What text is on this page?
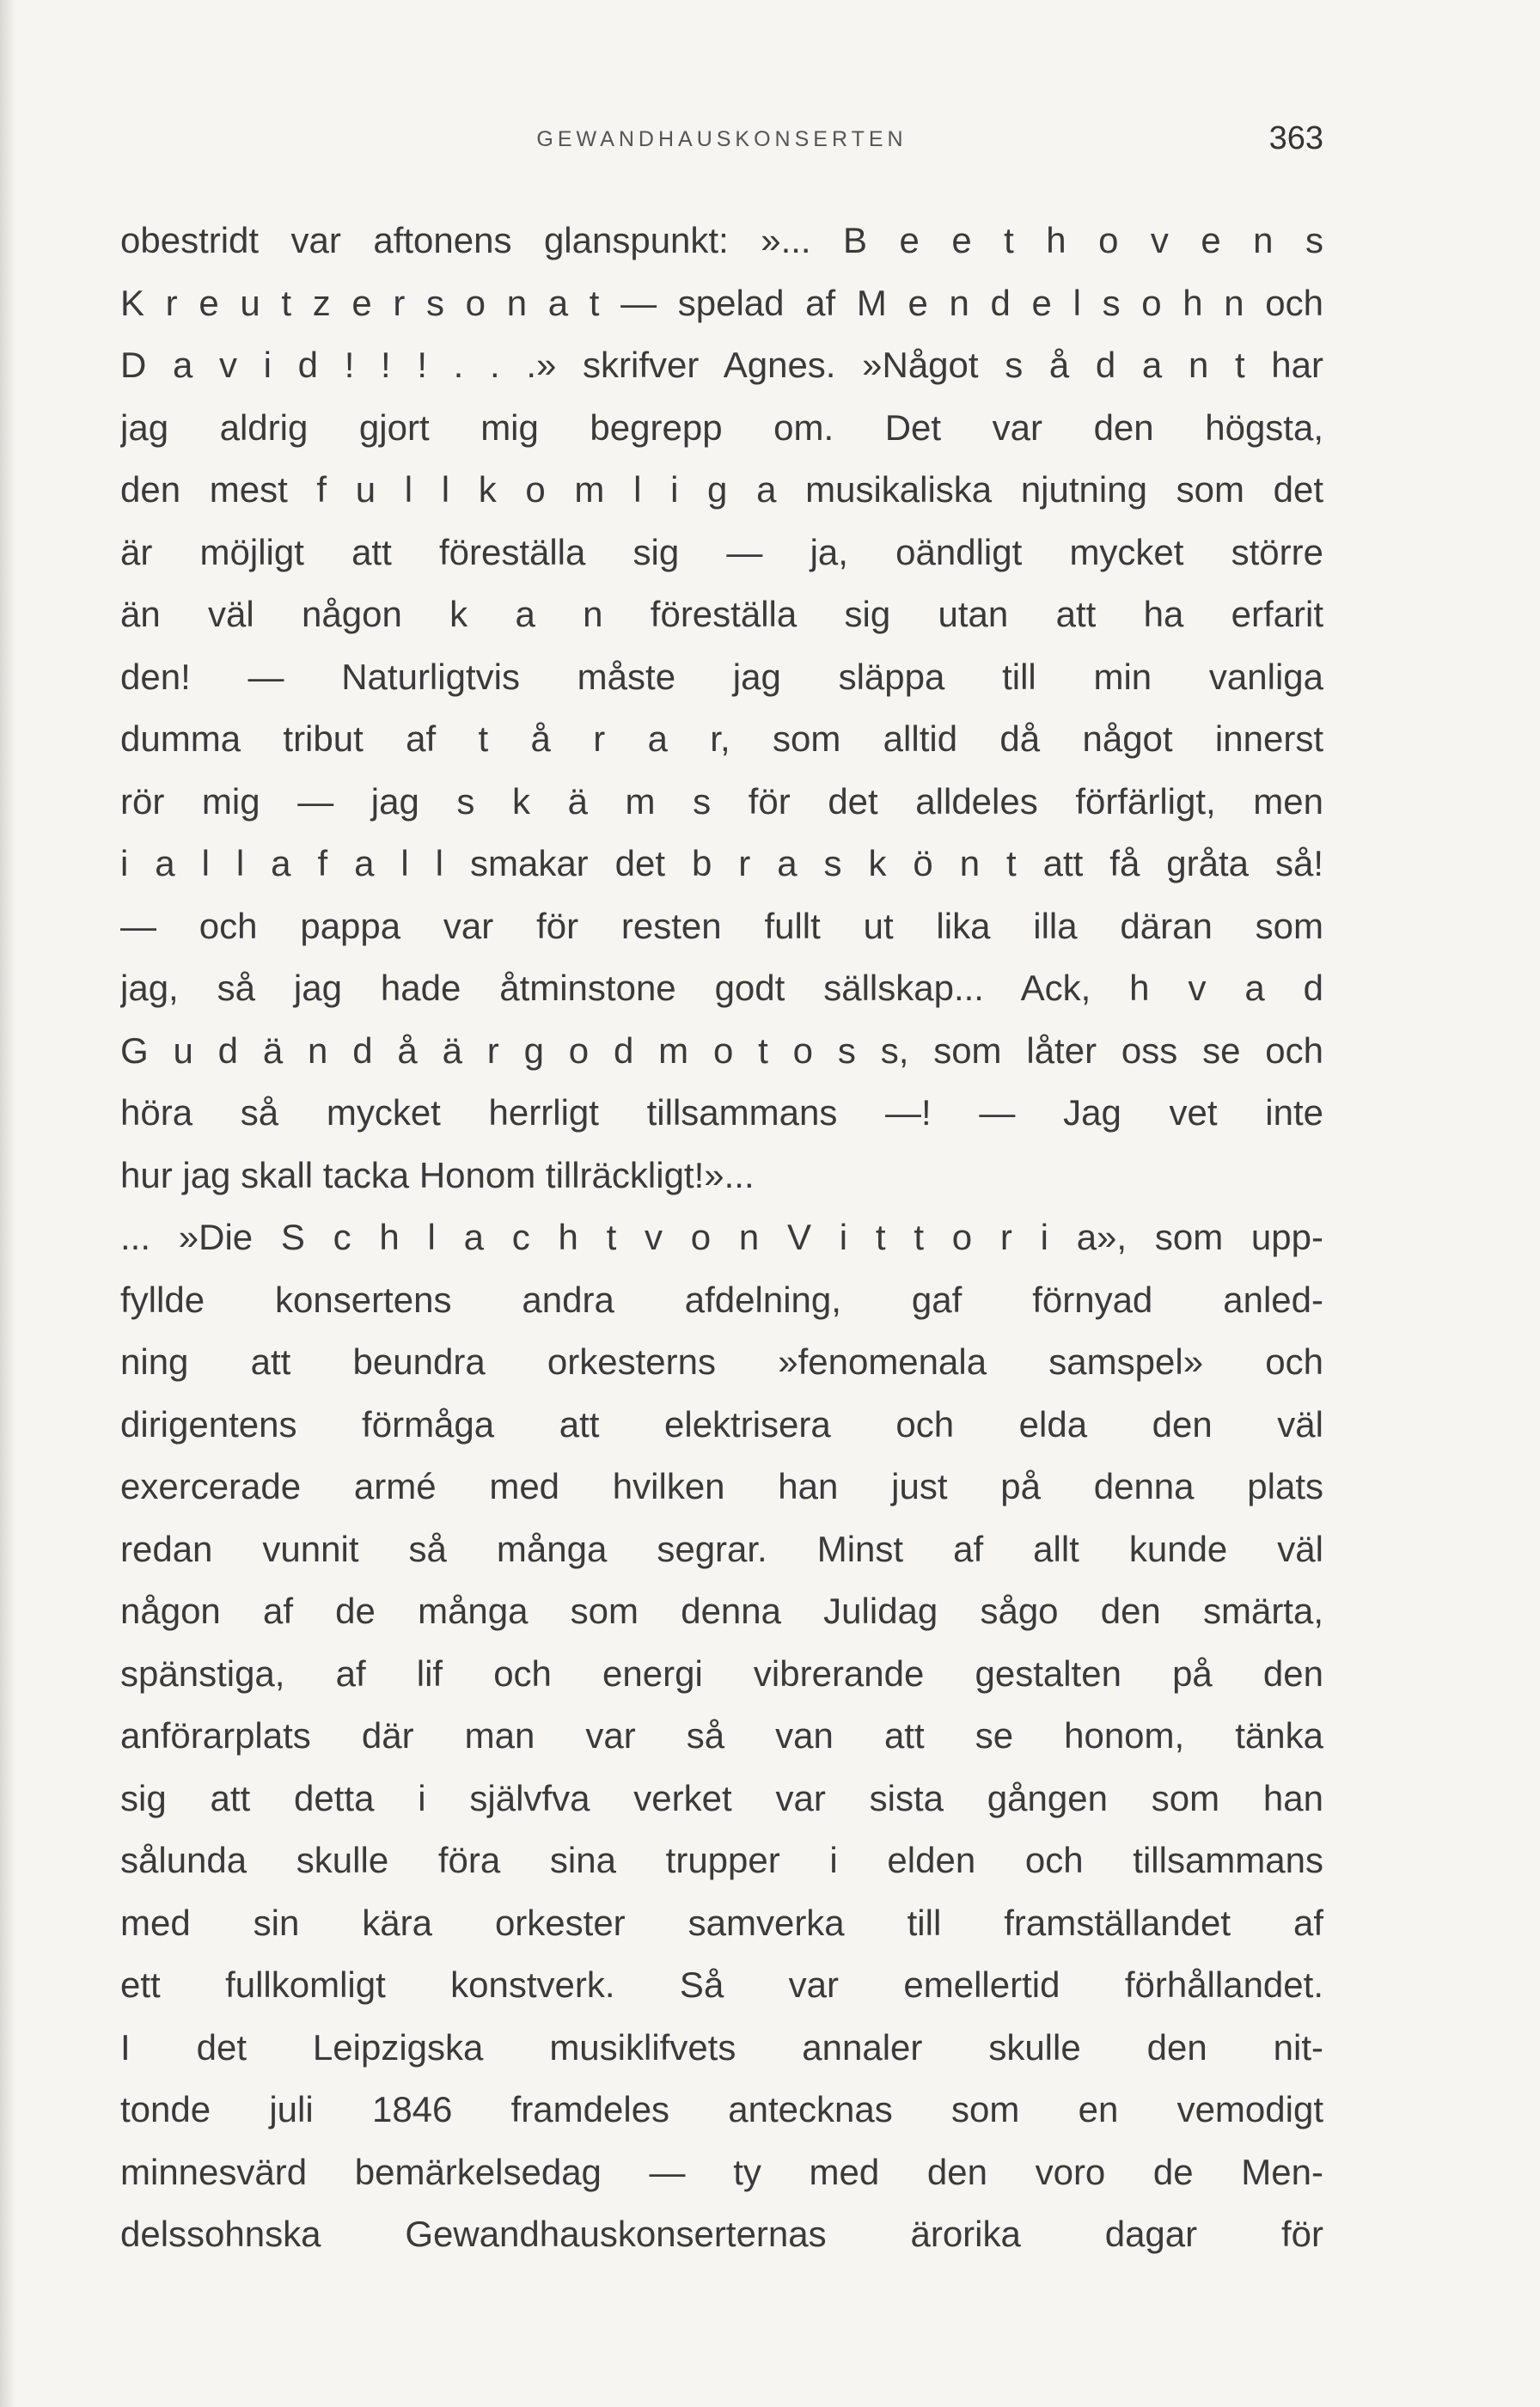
GEWANDHAUSKONSERTEN	363
obestridt var aftonens glanspunkt: »... B e e t h o v e n s
K r e u t z e r s o n a t — spelad af M e n d e l s o h n och
D a v i d ! ! ! . . .» skrifver Agnes. »Något s å d a n t har
jag aldrig gjort mig begrepp om. Det var den högsta,
den mest f u l l k o m l i g a musikaliska njutning som det
är möjligt att föreställa sig — ja, oändligt mycket större
än väl någon k a n föreställa sig utan att ha erfarit
den! — Naturligtvis måste jag släppa till min vanliga
dumma tribut af t å r a r, som alltid då något innerst
rör mig — jag s k ä m s för det alldeles förfärligt, men
i a l l a f a l l smakar det b r a s k ö n t att få gråta så!
— och pappa var för resten fullt ut lika illa däran som
jag, så jag hade åtminstone godt sällskap... Ack, h v a d
G u d ä n d å ä r g o d m o t o s s, som låter oss se och
höra så mycket herrligt tillsammans —! — Jag vet inte
hur jag skall tacka Honom tillräckligt!»...
... »Die S c h l a c h t v o n V i t t o r i a», som upp-
fyllde konsertens andra afdelning, gaf förnyad anled-
ning att beundra orkesterns »fenomenala samspel» och
dirigentens förmåga att elektrisera och elda den väl
exercerade armé med hvilken han just på denna plats
redan vunnit så många segrar. Minst af allt kunde väl
någon af de många som denna Julidag sågo den smärta,
spänstiga, af lif och energi vibrerande gestalten på den
anförarplats där man var så van att se honom, tänka
sig att detta i självfva verket var sista gången som han
sålunda skulle föra sina trupper i elden och tillsammans
med sin kära orkester samverka till framställandet af
ett fullkomligt konstverk. Så var emellertid förhållandet.
I det Leipzigska musiklifvets annaler skulle den nit-
tonde juli 1846 framdeles antecknas som en vemodigt
minnesvärd bemärkelsedag — ty med den voro de Men-
delssohnska Gewandhauskonserternas ärorika dagar för
